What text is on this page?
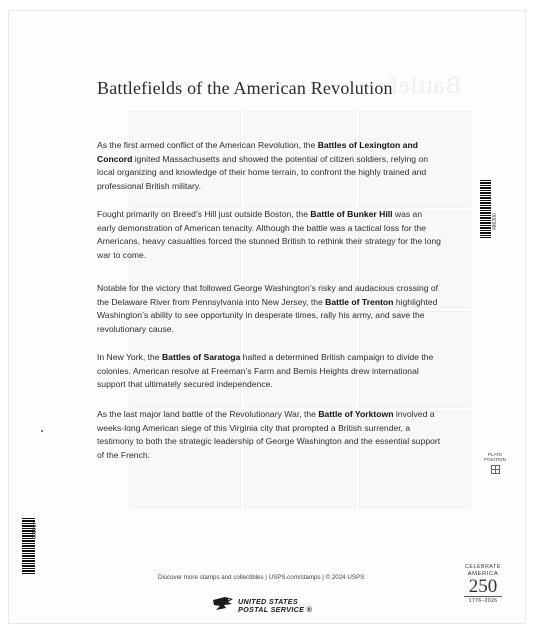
Battlef
Battlefields of the American Revolution

As the first armed conflict of the American Revolution, the Battles of Lexington and Concord ignited Massachusetts and showed the potential of citizen soldiers, relying on local organizing and knowledge of their home terrain, to confront the highly trained and professional British military.

Fought primarily on Breed’s Hill just outside Boston, the Battle of Bunker Hill was an early demonstration of American tenacity. Although the battle was a tactical loss for the Americans, heavy casualties forced the stunned British to rethink their strategy for the long war to come.

Notable for the victory that followed George Washington’s risky and audacious crossing of the Delaware River from Pennsylvania into New Jersey, the Battle of Trenton highlighted Washington’s ability to see opportunity in desperate times, rally his army, and save the revolutionary cause.

In New York, the Battles of Saratoga halted a determined British campaign to divide the colonies. American resolve at Freeman’s Farm and Bemis Heights drew international support that ultimately secured independence.

As the last major land battle of the Revolutionary War, the Battle of Yorktown involved a weeks-long American siege of this Virginia city that prompted a British surrender, a testimony to both the strategic leadership of George Washington and the essential support of the French.

486300
PLATE
POSITION
486300
Discover more stamps and collectibles | USPS.com/stamps | © 2024 USPS
UNITED STATES
POSTAL SERVICE ®
CELEBRATE
AMERICA
250
1776–2026
